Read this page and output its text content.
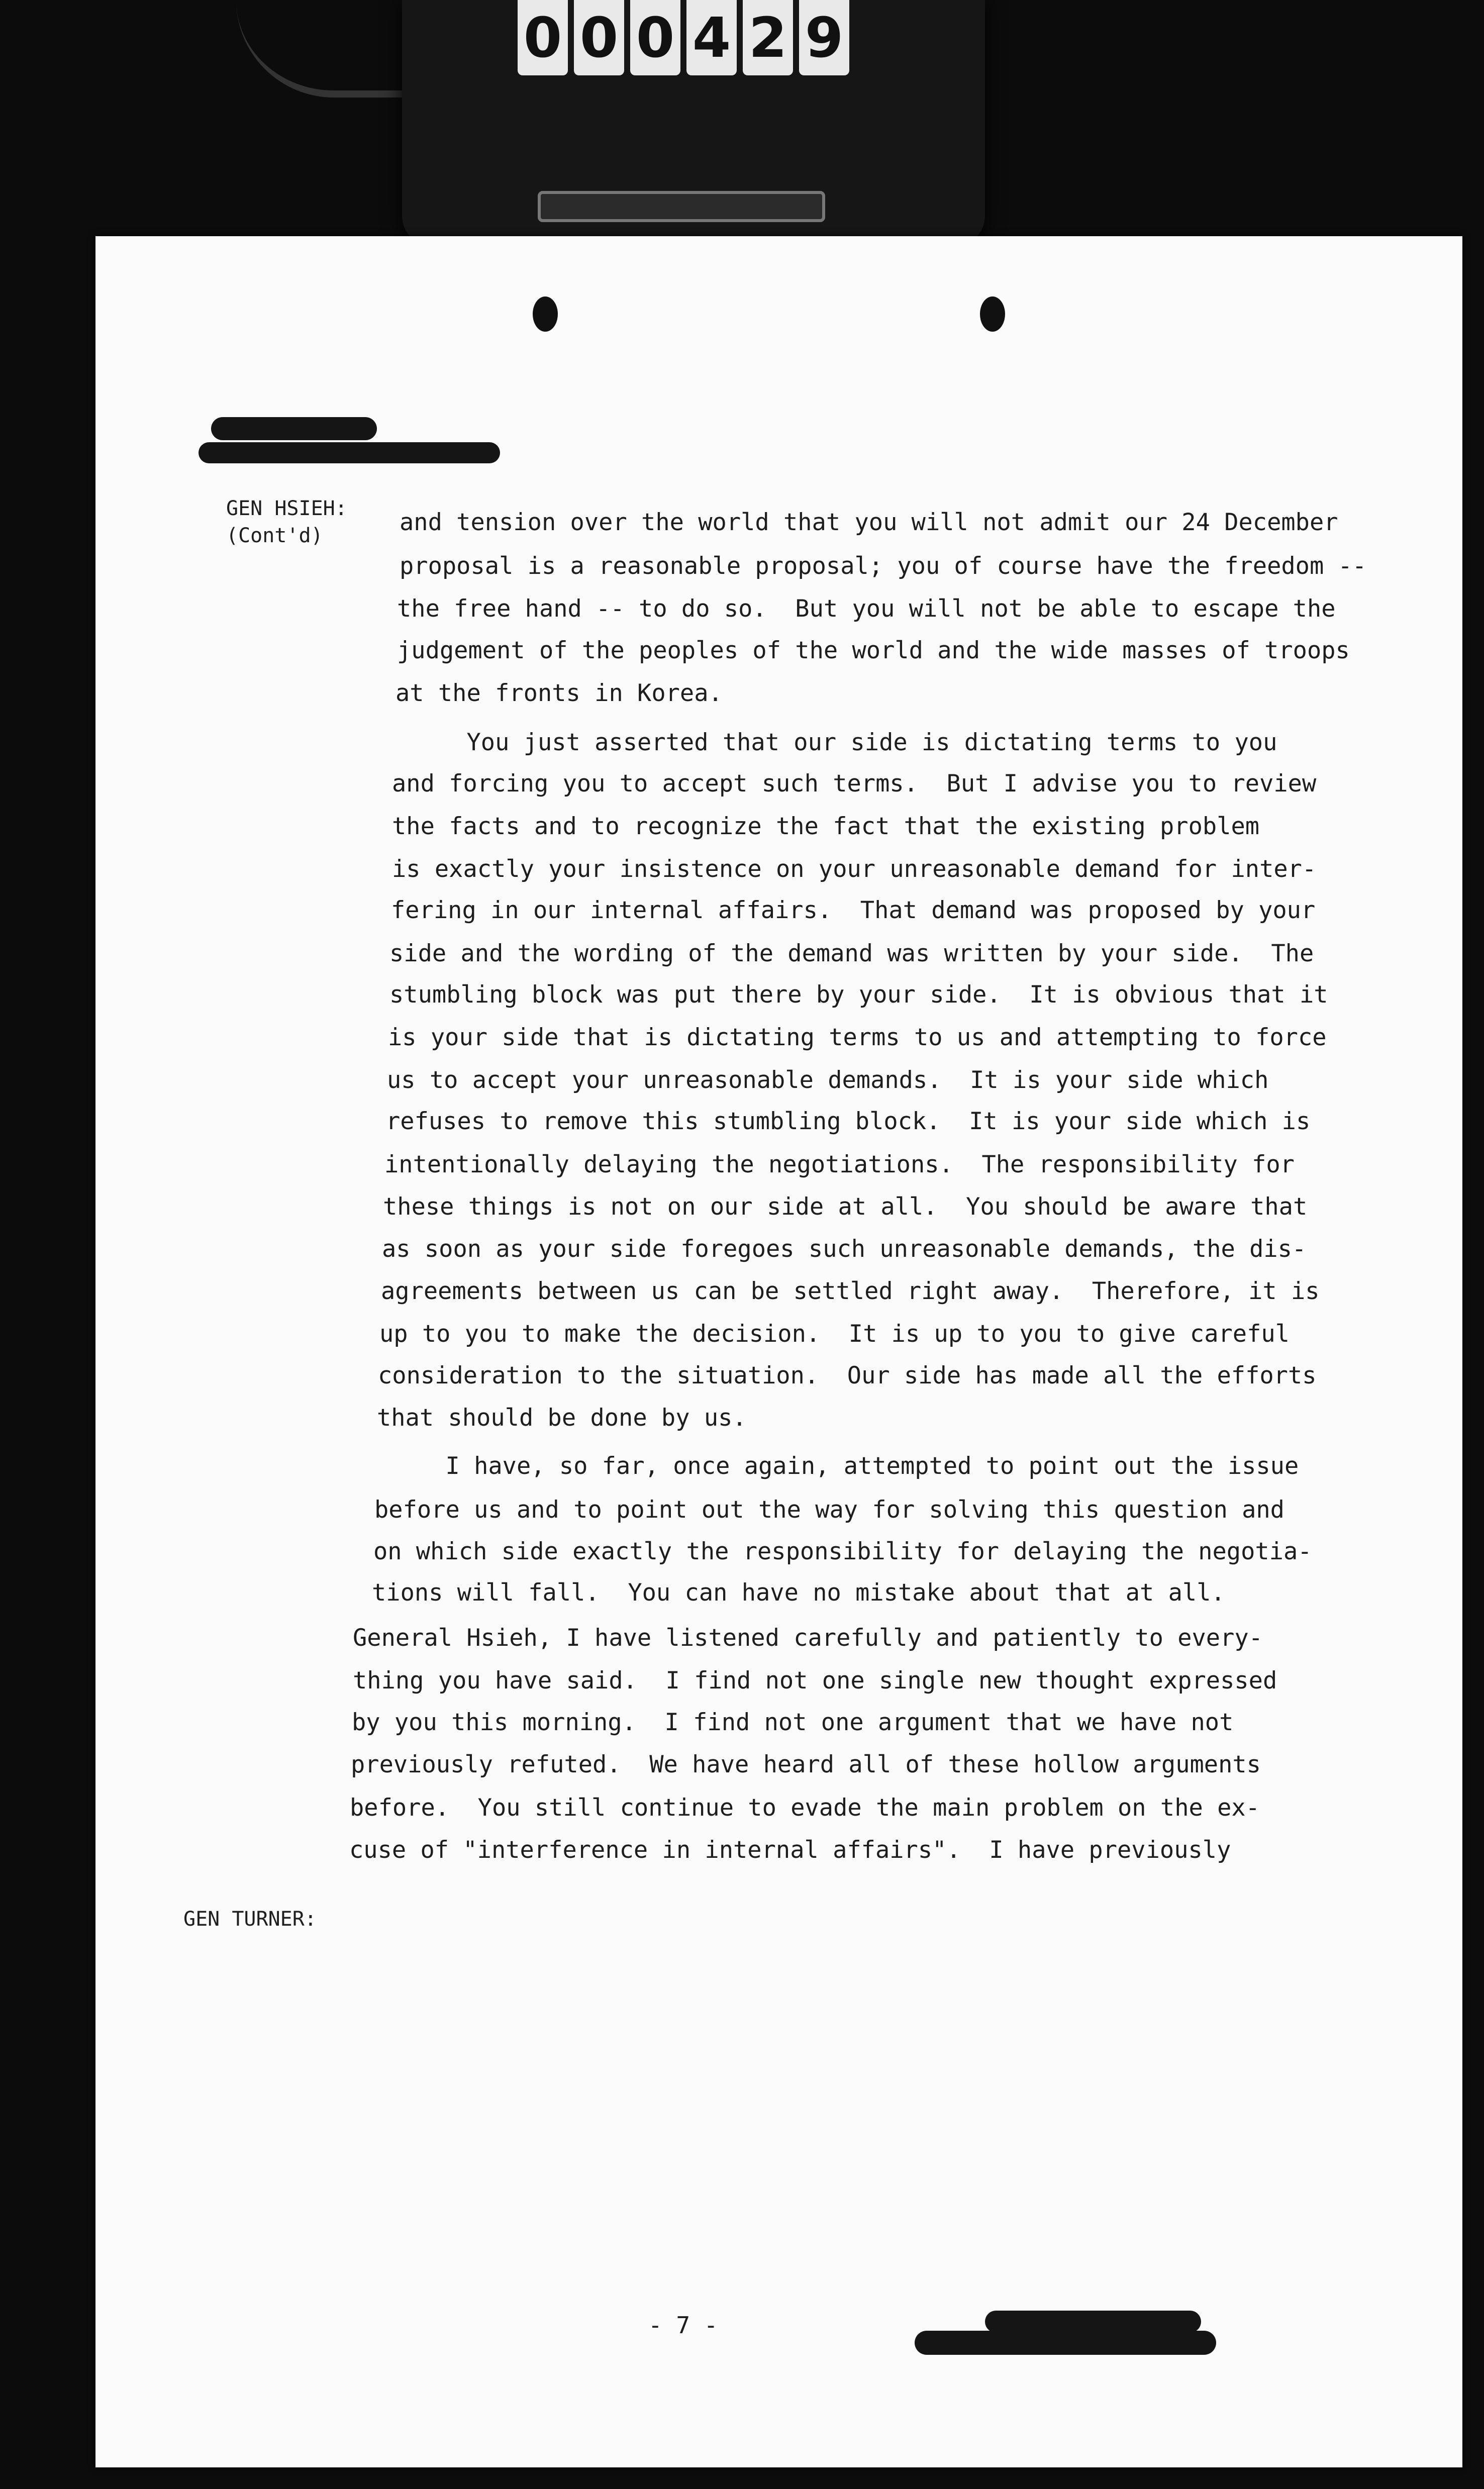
0 0 0 4 2 9
GEN HSIEH:
(Cont'd)
GEN TURNER:
and tension over the world that you will not admit our 24 December
proposal is a reasonable proposal; you of course have the freedom --
the free hand -- to do so.  But you will not be able to escape the
judgement of the peoples of the world and the wide masses of troops
at the fronts in Korea.
You just asserted that our side is dictating terms to you
and forcing you to accept such terms.  But I advise you to review
the facts and to recognize the fact that the existing problem
is exactly your insistence on your unreasonable demand for inter-
fering in our internal affairs.  That demand was proposed by your
side and the wording of the demand was written by your side.  The
stumbling block was put there by your side.  It is obvious that it
is your side that is dictating terms to us and attempting to force
us to accept your unreasonable demands.  It is your side which
refuses to remove this stumbling block.  It is your side which is
intentionally delaying the negotiations.  The responsibility for
these things is not on our side at all.  You should be aware that
as soon as your side foregoes such unreasonable demands, the dis-
agreements between us can be settled right away.  Therefore, it is
up to you to make the decision.  It is up to you to give careful
consideration to the situation.  Our side has made all the efforts
that should be done by us.
I have, so far, once again, attempted to point out the issue
before us and to point out the way for solving this question and
on which side exactly the responsibility for delaying the negotia-
tions will fall.  You can have no mistake about that at all.
General Hsieh, I have listened carefully and patiently to every-
thing you have said.  I find not one single new thought expressed
by you this morning.  I find not one argument that we have not
previously refuted.  We have heard all of these hollow arguments
before.  You still continue to evade the main problem on the ex-
cuse of "interference in internal affairs".  I have previously
- 7 -
